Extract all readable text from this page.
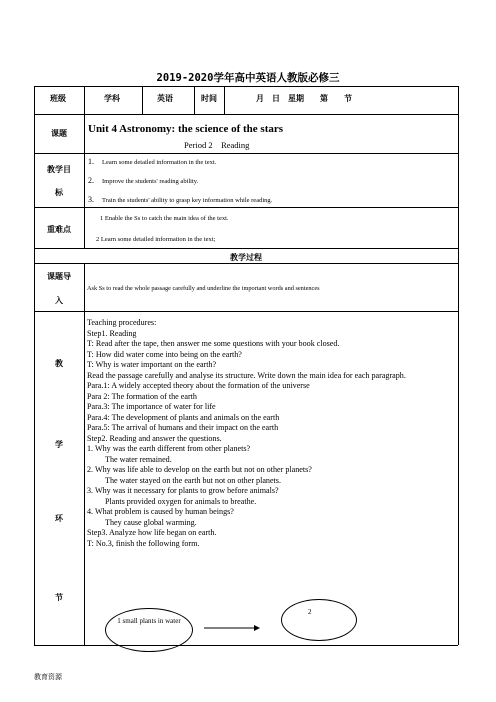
2019-2020学年高中英语人教版必修三
班级	学科	英语	时间	月　日　星期　　第　　节
课题	Unit 4 Astronomy: the science of the stars
Period 2　Reading
教学目
标
1. Learn some detailed information in the text.
2. Improve the students' reading ability.
3. Train the students' ability to grasp key information while reading.
重难点
1 Enable the Ss to catch the main idea of the text.
2 Learn some detailed information in the text;
教学过程
课题导
入
Ask Ss to read the whole passage carefully and underline the important words and sentences
教
学
环
节
Teaching procedures:
Step1. Reading
T: Read after the tape, then answer me some questions with your book closed.
T: How did water come into being on the earth?
T: Why is water important on the earth?
Read the passage carefully and analyse its structure. Write down the main idea for each paragraph.
Para.1: A widely accepted theory about the formation of the universe
Para 2: The formation of the earth
Para.3: The importance of water for life
Para.4: The development of plants and animals on the earth
Para.5: The arrival of humans and their impact on the earth
Step2. Reading and answer the questions.
1. Why was the earth different from other planets?
The water remained.
2. Why was life able to develop on the earth but not on other planets?
The water stayed on the earth but not on other planets.
3. Why was it necessary for plants to grow before animals?
Plants provided oxygen for animals to breathe.
4. What problem is caused by human beings?
They cause global warming.
Step3. Analyze how life began on earth.
T: No.3, finish the following form.
1 small plants in water
2
教育资源
